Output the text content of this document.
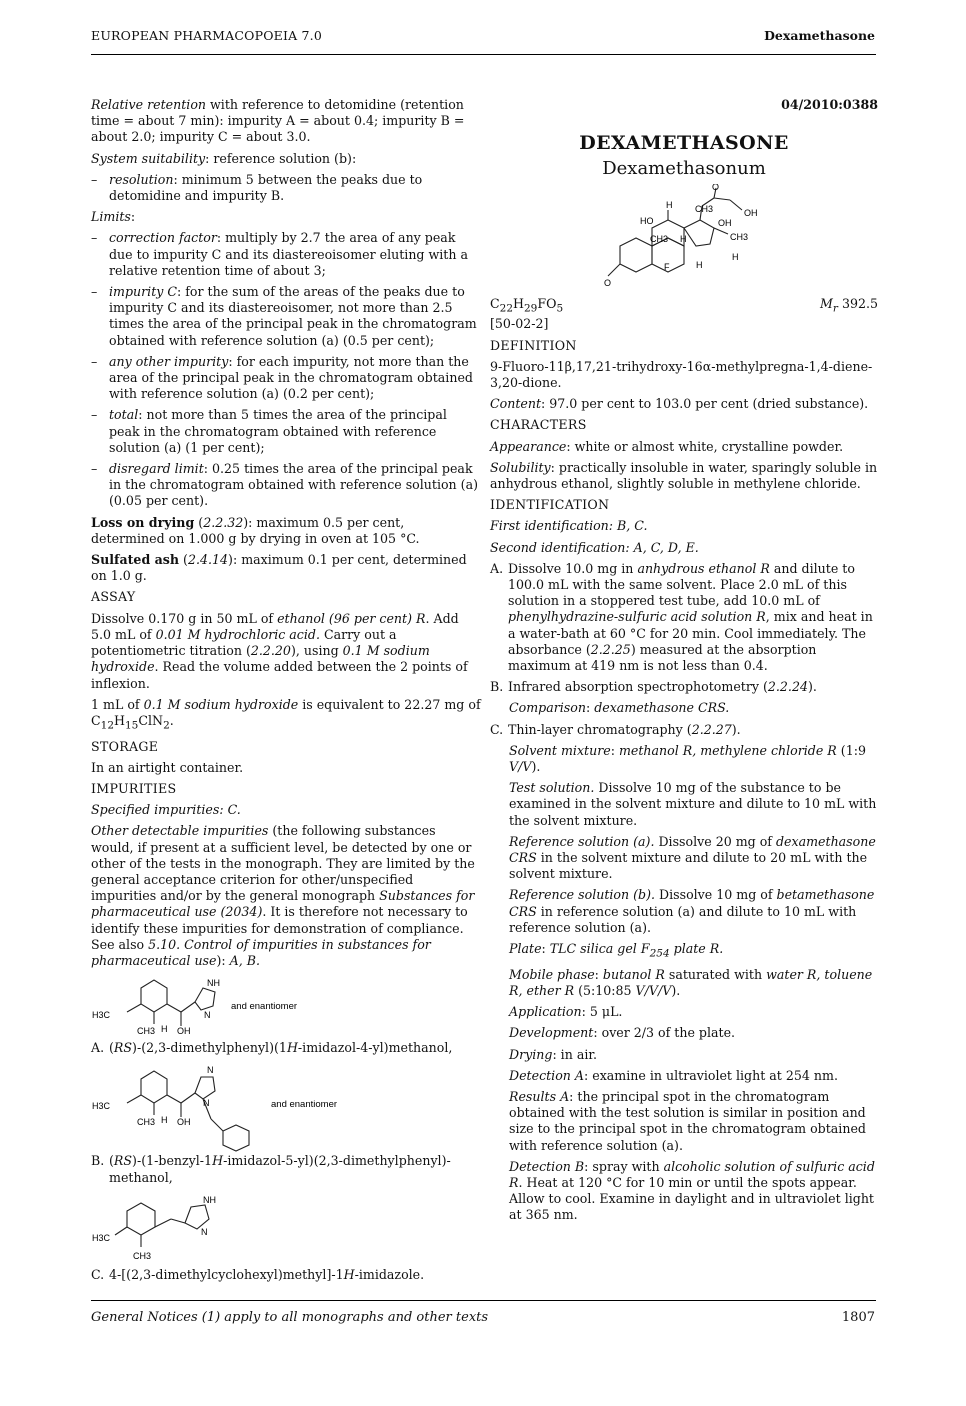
EUROPEAN PHARMACOPOEIA 7.0	Dexamethasone

Relative retention with reference to detomidine (retention time = about 7 min): impurity A = about 0.4; impurity B = about 2.0; impurity C = about 3.0.

System suitability: reference solution (b):

– resolution: minimum 5 between the peaks due to detomidine and impurity B.

Limits:

– correction factor: multiply by 2.7 the area of any peak due to impurity C and its diastereoisomer eluting with a relative retention time of about 3;

– impurity C: for the sum of the areas of the peaks due to impurity C and its diastereoisomer, not more than 2.5 times the area of the principal peak in the chromatogram obtained with reference solution (a) (0.5 per cent);

– any other impurity: for each impurity, not more than the area of the principal peak in the chromatogram obtained with reference solution (a) (0.2 per cent);

– total: not more than 5 times the area of the principal peak in the chromatogram obtained with reference solution (a) (1 per cent);

– disregard limit: 0.25 times the area of the principal peak in the chromatogram obtained with reference solution (a) (0.05 per cent).

Loss on drying (2.2.32): maximum 0.5 per cent, determined on 1.000 g by drying in oven at 105 °C.

Sulfated ash (2.4.14): maximum 0.1 per cent, determined on 1.0 g.

ASSAY

Dissolve 0.170 g in 50 mL of ethanol (96 per cent) R. Add 5.0 mL of 0.01 M hydrochloric acid. Carry out a potentiometric titration (2.2.20), using 0.1 M sodium hydroxide. Read the volume added between the 2 points of inflexion.

1 mL of 0.1 M sodium hydroxide is equivalent to 22.27 mg of
$C_{12}H_{15}ClN_2$.

STORAGE

In an airtight container.

IMPURITIES

Specified impurities: C.

Other detectable impurities (the following substances would, if present at a sufficient level, be detected by one or other of the tests in the monograph. They are limited by the general acceptance criterion for other/unspecified impurities and/or by the general monograph Substances for pharmaceutical use (2034). It is therefore not necessary to identify these impurities for demonstration of compliance. See also 5.10. Control of impurities in substances for pharmaceutical use): A, B.

NH
N
H3C
CH3 H OH
and enantiomer

A. (RS)-(2,3-dimethylphenyl)(1H-imidazol-4-yl)methanol,

N
N
H3C
CH3 H OH
and enantiomer

B. (RS)-(1-benzyl-1H-imidazol-5-yl)(2,3-dimethylphenyl)-methanol,

NH
N
H3C
CH3

C. 4-[(2,3-dimethylcyclohexyl)methyl]-1H-imidazole.

04/2010:0388
DEXAMETHASONE
Dexamethasonum
O
O
HO
H	CH3
OH
OH
CH3
CH3 H
F	H
H
$C_{22}H_{29}FO_5$	$M_r$ 392.5

[50-02-2]

DEFINITION

9-Fluoro-11β,17,21-trihydroxy-16α-methylpregna-1,4-diene-3,20-dione.

Content: 97.0 per cent to 103.0 per cent (dried substance).

CHARACTERS

Appearance: white or almost white, crystalline powder.

Solubility: practically insoluble in water, sparingly soluble in anhydrous ethanol, slightly soluble in methylene chloride.

IDENTIFICATION

First identification: B, C.

Second identification: A, C, D, E.

A. Dissolve 10.0 mg in anhydrous ethanol R and dilute to 100.0 mL with the same solvent. Place 2.0 mL of this solution in a stoppered test tube, add 10.0 mL of phenylhydrazine-sulfuric acid solution R, mix and heat in a water-bath at 60 °C for 20 min. Cool immediately. The absorbance (2.2.25) measured at the absorption maximum at 419 nm is not less than 0.4.

B. Infrared absorption spectrophotometry (2.2.24).

Comparison: dexamethasone CRS.

C. Thin-layer chromatography (2.2.27).

Solvent mixture: methanol R, methylene chloride R (1:9 V/V).

Test solution. Dissolve 10 mg of the substance to be examined in the solvent mixture and dilute to 10 mL with the solvent mixture.

Reference solution (a). Dissolve 20 mg of dexamethasone CRS in the solvent mixture and dilute to 20 mL with the solvent mixture.

Reference solution (b). Dissolve 10 mg of betamethasone CRS in reference solution (a) and dilute to 10 mL with reference solution (a).

Plate: TLC silica gel $F_{254}$ plate R.

Mobile phase: butanol R saturated with water R, toluene R, ether R (5:10:85 V/V/V).

Application: 5 μL.

Development: over 2/3 of the plate.

Drying: in air.

Detection A: examine in ultraviolet light at 254 nm.

Results A: the principal spot in the chromatogram obtained with the test solution is similar in position and size to the principal spot in the chromatogram obtained with reference solution (a).

Detection B: spray with alcoholic solution of sulfuric acid R. Heat at 120 °C for 10 min or until the spots appear. Allow to cool. Examine in daylight and in ultraviolet light at 365 nm.

General Notices (1) apply to all monographs and other texts	1807
